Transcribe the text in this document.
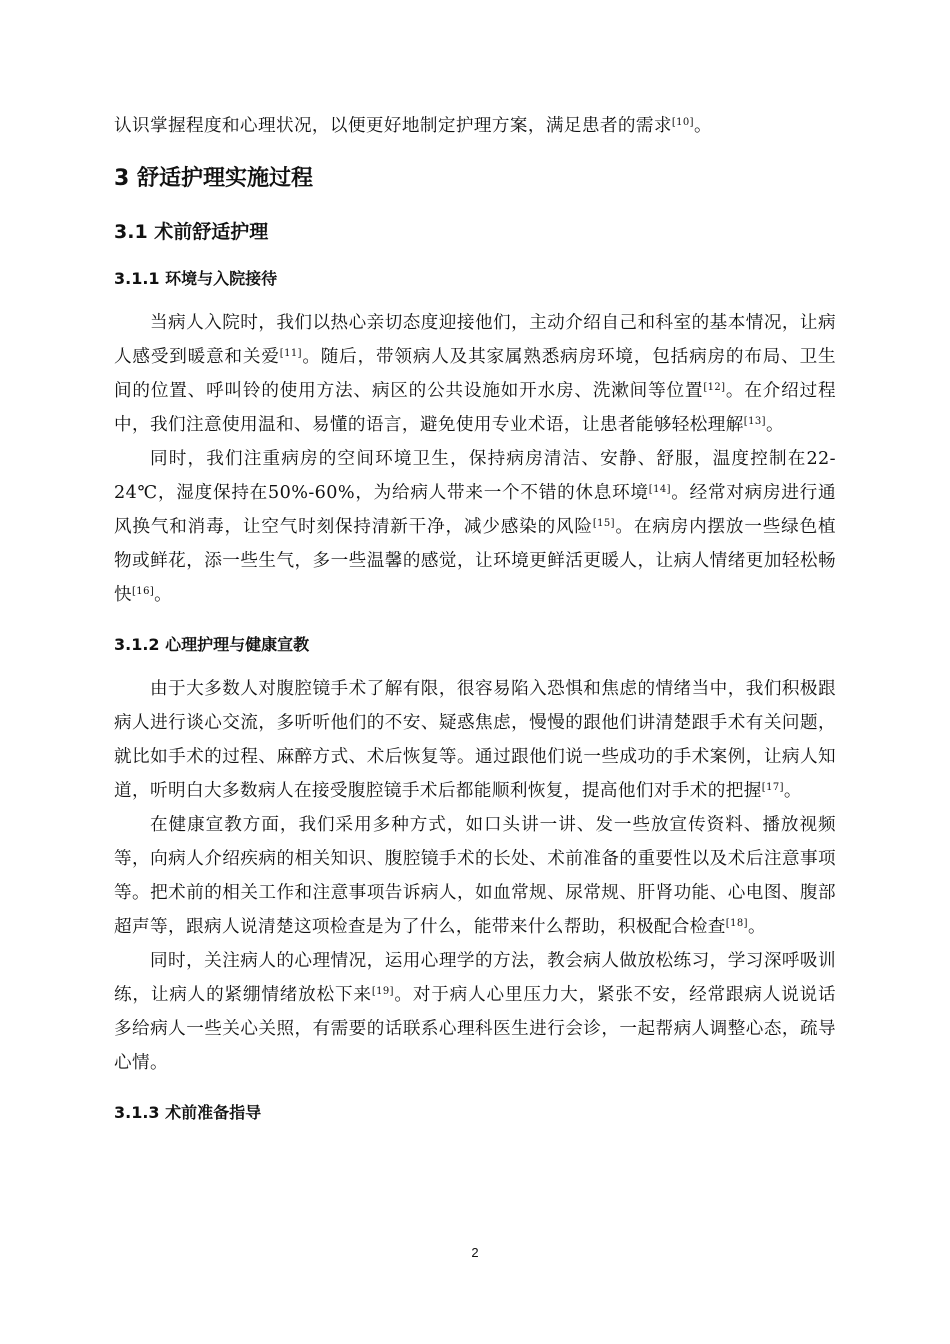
认识掌握程度和心理状况，以便更好地制定护理方案，满足患者的需求[10]。

3 舒适护理实施过程
3.1 术前舒适护理
3.1.1 环境与入院接待

当病人入院时，我们以热心亲切态度迎接他们，主动介绍自己和科室的基本情况，让病人感受到暖意和关爱[11]。随后，带领病人及其家属熟悉病房环境，包括病房的布局、卫生间的位置、呼叫铃的使用方法、病区的公共设施如开水房、洗漱间等位置[12]。在介绍过程中，我们注意使用温和、易懂的语言，避免使用专业术语，让患者能够轻松理解[13]。

同时，我们注重病房的空间环境卫生，保持病房清洁、安静、舒服，温度控制在22-24℃，湿度保持在50%-60%，为给病人带来一个不错的休息环境[14]。经常对病房进行通风换气和消毒，让空气时刻保持清新干净，减少感染的风险[15]。在病房内摆放一些绿色植物或鲜花，添一些生气，多一些温馨的感觉，让环境更鲜活更暖人，让病人情绪更加轻松畅快[16]。

3.1.2 心理护理与健康宣教

由于大多数人对腹腔镜手术了解有限，很容易陷入恐惧和焦虑的情绪当中，我们积极跟病人进行谈心交流，多听听他们的不安、疑惑焦虑，慢慢的跟他们讲清楚跟手术有关问题，就比如手术的过程、麻醉方式、术后恢复等。通过跟他们说一些成功的手术案例，让病人知道，听明白大多数病人在接受腹腔镜手术后都能顺利恢复，提高他们对手术的把握[17]。

在健康宣教方面，我们采用多种方式，如口头讲一讲、发一些放宣传资料、播放视频等，向病人介绍疾病的相关知识、腹腔镜手术的长处、术前准备的重要性以及术后注意事项等。把术前的相关工作和注意事项告诉病人，如血常规、尿常规、肝肾功能、心电图、腹部超声等，跟病人说清楚这项检查是为了什么，能带来什么帮助，积极配合检查[18]。

同时，关注病人的心理情况，运用心理学的方法，教会病人做放松练习，学习深呼吸训练，让病人的紧绷情绪放松下来[19]。对于病人心里压力大，紧张不安，经常跟病人说说话多给病人一些关心关照，有需要的话联系心理科医生进行会诊，一起帮病人调整心态，疏导心情。

3.1.3 术前准备指导
2
